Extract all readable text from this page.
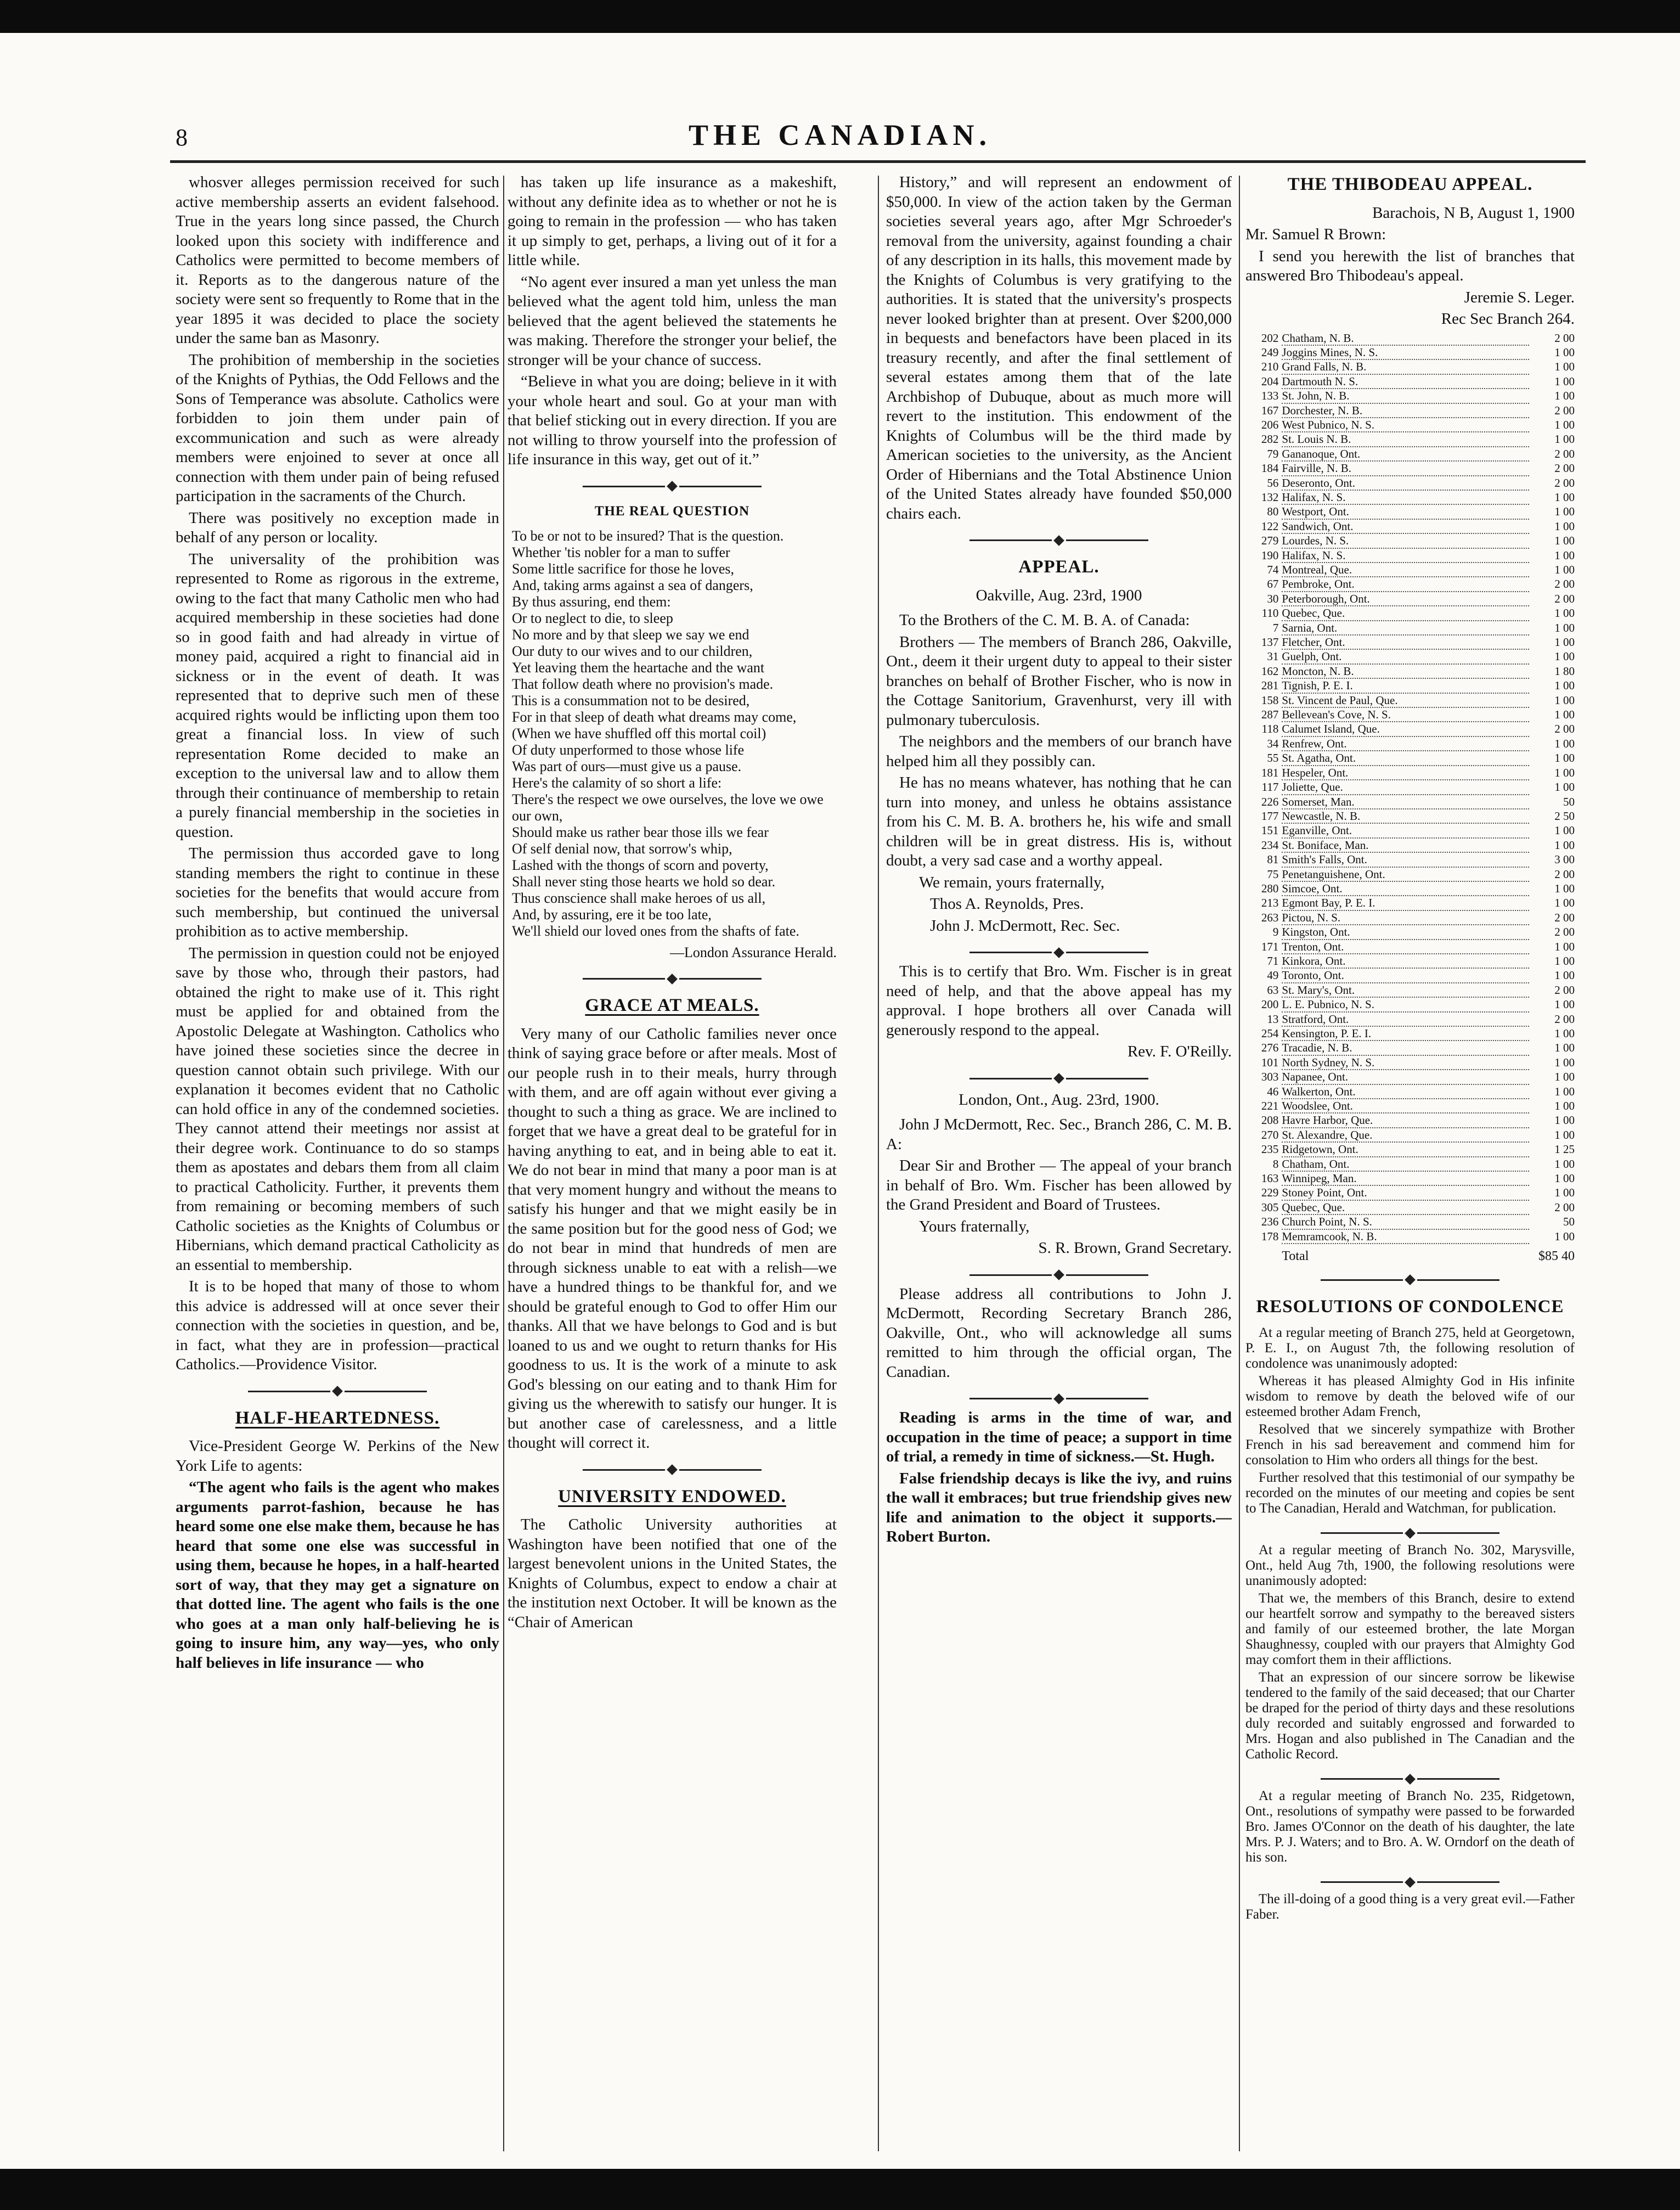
8	THE CANADIAN.

whosver alleges permission received for such active membership asserts an evident falsehood. True in the years long since passed, the Church looked upon this society with indifference and Catholics were permitted to become members of it. Reports as to the dangerous nature of the society were sent so frequently to Rome that in the year 1895 it was decided to place the society under the same ban as Masonry.

The prohibition of membership in the societies of the Knights of Pythias, the Odd Fellows and the Sons of Temperance was absolute. Catholics were forbidden to join them under pain of excommunication and such as were already members were enjoined to sever at once all connection with them under pain of being refused participation in the sacraments of the Church.

There was positively no exception made in behalf of any person or locality.

The universality of the prohibition was represented to Rome as rigorous in the extreme, owing to the fact that many Catholic men who had acquired membership in these societies had done so in good faith and had already in virtue of money paid, acquired a right to financial aid in sickness or in the event of death. It was represented that to deprive such men of these acquired rights would be inflicting upon them too great a financial loss. In view of such representation Rome decided to make an exception to the universal law and to allow them through their continuance of membership to retain a purely financial membership in the societies in question.

The permission thus accorded gave to long standing members the right to continue in these societies for the benefits that would accure from such membership, but continued the universal prohibition as to active membership.

The permission in question could not be enjoyed save by those who, through their pastors, had obtained the right to make use of it. This right must be applied for and obtained from the Apostolic Delegate at Washington. Catholics who have joined these societies since the decree in question cannot obtain such privilege. With our explanation it becomes evident that no Catholic can hold office in any of the condemned societies. They cannot attend their meetings nor assist at their degree work. Continuance to do so stamps them as apostates and debars them from all claim to practical Catholicity. Further, it prevents them from remaining or becoming members of such Catholic societies as the Knights of Columbus or Hibernians, which demand practical Catholicity as an essential to membership.

It is to be hoped that many of those to whom this advice is addressed will at once sever their connection with the societies in question, and be, in fact, what they are in profession—practical Catholics.—Providence Visitor.

HALF-HEARTEDNESS.

Vice-President George W. Perkins of the New York Life to agents:

“The agent who fails is the agent who makes arguments parrot-fashion, because he has heard some one else make them, because he has heard that some one else was successful in using them, because he hopes, in a half-hearted sort of way, that they may get a signature on that dotted line. The agent who fails is the one who goes at a man only half-believing he is going to insure him, any way—yes, who only half believes in life insurance — who

has taken up life insurance as a makeshift, without any definite idea as to whether or not he is going to remain in the profession — who has taken it up simply to get, perhaps, a living out of it for a little while.

“No agent ever insured a man yet unless the man believed what the agent told him, unless the man believed that the agent believed the statements he was making. Therefore the stronger your belief, the stronger will be your chance of success.

“Believe in what you are doing; believe in it with your whole heart and soul. Go at your man with that belief sticking out in every direction. If you are not willing to throw yourself into the profession of life insurance in this way, get out of it.”

THE REAL QUESTION
To be or not to be insured? That is the question.
Whether 'tis nobler for a man to suffer
Some little sacrifice for those he loves,
And, taking arms against a sea of dangers,
By thus assuring, end them:
Or to neglect to die, to sleep
No more and by that sleep we say we end
Our duty to our wives and to our children,
Yet leaving them the heartache and the want
That follow death where no provision's made.
This is a consummation not to be desired,
For in that sleep of death what dreams may come,
(When we have shuffled off this mortal coil)
Of duty unperformed to those whose life
Was part of ours—must give us a pause.
Here's the calamity of so short a life:
There's the respect we owe ourselves, the love we owe our own,
Should make us rather bear those ills we fear
Of self denial now, that sorrow's whip,
Lashed with the thongs of scorn and poverty,
Shall never sting those hearts we hold so dear.
Thus conscience shall make heroes of us all,
And, by assuring, ere it be too late,
We'll shield our loved ones from the shafts of fate.
—London Assurance Herald.
GRACE AT MEALS.

Very many of our Catholic families never once think of saying grace before or after meals. Most of our people rush in to their meals, hurry through with them, and are off again without ever giving a thought to such a thing as grace. We are inclined to forget that we have a great deal to be grateful for in having anything to eat, and in being able to eat it. We do not bear in mind that many a poor man is at that very moment hungry and without the means to satisfy his hunger and that we might easily be in the same position but for the good ness of God; we do not bear in mind that hundreds of men are through sickness unable to eat with a relish—we have a hundred things to be thankful for, and we should be grateful enough to God to offer Him our thanks. All that we have belongs to God and is but loaned to us and we ought to return thanks for His goodness to us. It is the work of a minute to ask God's blessing on our eating and to thank Him for giving us the wherewith to satisfy our hunger. It is but another case of carelessness, and a little thought will correct it.

UNIVERSITY ENDOWED.

The Catholic University authorities at Washington have been notified that one of the largest benevolent unions in the United States, the Knights of Columbus, expect to endow a chair at the institution next October. It will be known as the “Chair of American

History,” and will represent an endowment of $50,000. In view of the action taken by the German societies several years ago, after Mgr Schroeder's removal from the university, against founding a chair of any description in its halls, this movement made by the Knights of Columbus is very gratifying to the authorities. It is stated that the university's prospects never looked brighter than at present. Over $200,000 in bequests and benefactors have been placed in its treasury recently, and after the final settlement of several estates among them that of the late Archbishop of Dubuque, about as much more will revert to the institution. This endowment of the Knights of Columbus will be the third made by American societies to the university, as the Ancient Order of Hibernians and the Total Abstinence Union of the United States already have founded $50,000 chairs each.

APPEAL.
Oakville, Aug. 23rd, 1900

To the Brothers of the C. M. B. A. of Canada:

Brothers — The members of Branch 286, Oakville, Ont., deem it their urgent duty to appeal to their sister branches on behalf of Brother Fischer, who is now in the Cottage Sanitorium, Gravenhurst, very ill with pulmonary tuberculosis.

The neighbors and the members of our branch have helped him all they possibly can.

He has no means whatever, has nothing that he can turn into money, and unless he obtains assistance from his C. M. B. A. brothers he, his wife and small children will be in great distress. His is, without doubt, a very sad case and a worthy appeal.

We remain, yours fraternally,

Thos A. Reynolds, Pres.

John J. McDermott, Rec. Sec.

This is to certify that Bro. Wm. Fischer is in great need of help, and that the above appeal has my approval. I hope brothers all over Canada will generously respond to the appeal.

Rev. F. O'Reilly.

London, Ont., Aug. 23rd, 1900.

John J McDermott, Rec. Sec., Branch 286, C. M. B. A:

Dear Sir and Brother — The appeal of your branch in behalf of Bro. Wm. Fischer has been allowed by the Grand President and Board of Trustees.

Yours fraternally,

S. R. Brown, Grand Secretary.

Please address all contributions to John J. McDermott, Recording Secretary Branch 286, Oakville, Ont., who will acknowledge all sums remitted to him through the official organ, The Canadian.

Reading is arms in the time of war, and occupation in the time of peace; a support in time of trial, a remedy in time of sickness.—St. Hugh.

False friendship decays is like the ivy, and ruins the wall it embraces; but true friendship gives new life and animation to the object it supports.—Robert Burton.

THE THIBODEAU APPEAL.

Barachois, N B, August 1, 1900

Mr. Samuel R Brown:

I send you herewith the list of branches that answered Bro Thibodeau's appeal.

Jeremie S. Leger.

Rec Sec Branch 264.

202	Chatham, N. B.	2 00
249	Joggins Mines, N. S.	1 00
210	Grand Falls, N. B.	1 00
204	Dartmouth N. S.	1 00
133	St. John, N. B.	1 00
167	Dorchester, N. B.	2 00
206	West Pubnico, N. S.	1 00
282	St. Louis N. B.	1 00
79	Gananoque, Ont.	2 00
184	Fairville, N. B.	2 00
56	Deseronto, Ont.	2 00
132	Halifax, N. S.	1 00
80	Westport, Ont.	1 00
122	Sandwich, Ont.	1 00
279	Lourdes, N. S.	1 00
190	Halifax, N. S.	1 00
74	Montreal, Que.	1 00
67	Pembroke, Ont.	2 00
30	Peterborough, Ont.	2 00
110	Quebec, Que.	1 00
7	Sarnia, Ont.	1 00
137	Fletcher, Ont.	1 00
31	Guelph, Ont.	1 00
162	Moncton, N. B.	1 80
281	Tignish, P. E. I.	1 00
158	St. Vincent de Paul, Que.	1 00
287	Bellevean's Cove, N. S.	1 00
118	Calumet Island, Que.	2 00
34	Renfrew, Ont.	1 00
55	St. Agatha, Ont.	1 00
181	Hespeler, Ont.	1 00
117	Joliette, Que.	1 00
226	Somerset, Man.	50
177	Newcastle, N. B.	2 50
151	Eganville, Ont.	1 00
234	St. Boniface, Man.	1 00
81	Smith's Falls, Ont.	3 00
75	Penetanguishene, Ont.	2 00
280	Simcoe, Ont.	1 00
213	Egmont Bay, P. E. I.	1 00
263	Pictou, N. S.	2 00
9	Kingston, Ont.	2 00
171	Trenton, Ont.	1 00
71	Kinkora, Ont.	1 00
49	Toronto, Ont.	1 00
63	St. Mary's, Ont.	2 00
200	L. E. Pubnico, N. S.	1 00
13	Stratford, Ont.	2 00
254	Kensington, P. E. I.	1 00
276	Tracadie, N. B.	1 00
101	North Sydney, N. S.	1 00
303	Napanee, Ont.	1 00
46	Walkerton, Ont.	1 00
221	Woodslee, Ont.	1 00
208	Havre Harbor, Que.	1 00
270	St. Alexandre, Que.	1 00
235	Ridgetown, Ont.	1 25
8	Chatham, Ont.	1 00
163	Winnipeg, Man.	1 00
229	Stoney Point, Ont.	1 00
305	Quebec, Que.	2 00
236	Church Point, N. S.	50
178	Memramcook, N. B.	1 00
	Total	$85 40
RESOLUTIONS OF CONDOLENCE

At a regular meeting of Branch 275, held at Georgetown, P. E. I., on August 7th, the following resolution of condolence was unanimously adopted:

Whereas it has pleased Almighty God in His infinite wisdom to remove by death the beloved wife of our esteemed brother Adam French,

Resolved that we sincerely sympathize with Brother French in his sad bereavement and commend him for consolation to Him who orders all things for the best.

Further resolved that this testimonial of our sympathy be recorded on the minutes of our meeting and copies be sent to The Canadian, Herald and Watchman, for publication.

At a regular meeting of Branch No. 302, Marysville, Ont., held Aug 7th, 1900, the following resolutions were unanimously adopted:

That we, the members of this Branch, desire to extend our heartfelt sorrow and sympathy to the bereaved sisters and family of our esteemed brother, the late Morgan Shaughnessy, coupled with our prayers that Almighty God may comfort them in their afflictions.

That an expression of our sincere sorrow be likewise tendered to the family of the said deceased; that our Charter be draped for the period of thirty days and these resolutions duly recorded and suitably engrossed and forwarded to Mrs. Hogan and also published in The Canadian and the Catholic Record.

At a regular meeting of Branch No. 235, Ridgetown, Ont., resolutions of sympathy were passed to be forwarded Bro. James O'Connor on the death of his daughter, the late Mrs. P. J. Waters; and to Bro. A. W. Orndorf on the death of his son.

The ill-doing of a good thing is a very great evil.—Father Faber.
